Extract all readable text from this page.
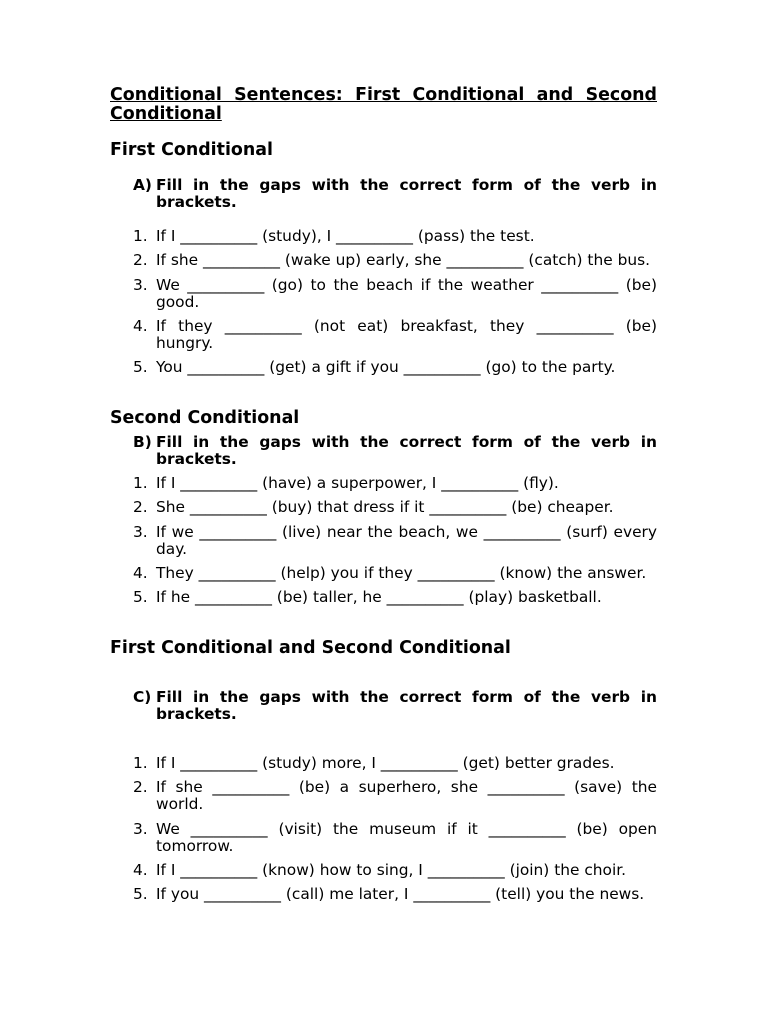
Conditional Sentences: First Conditional and Second Conditional
First Conditional
A) Fill in the gaps with the correct form of the verb in brackets.
1. If I __________ (study), I __________ (pass) the test.
2. If she __________ (wake up) early, she __________ (catch) the bus.
3. We __________ (go) to the beach if the weather __________ (be) good.
4. If they __________ (not eat) breakfast, they __________ (be) hungry.
5. You __________ (get) a gift if you __________ (go) to the party.
Second Conditional
B) Fill in the gaps with the correct form of the verb in brackets.
1. If I __________ (have) a superpower, I __________ (fly).
2. She __________ (buy) that dress if it __________ (be) cheaper.
3. If we __________ (live) near the beach, we __________ (surf) every day.
4. They __________ (help) you if they __________ (know) the answer.
5. If he __________ (be) taller, he __________ (play) basketball.
First Conditional and Second Conditional
C) Fill in the gaps with the correct form of the verb in brackets.
1. If I __________ (study) more, I __________ (get) better grades.
2. If she __________ (be) a superhero, she __________ (save) the world.
3. We __________ (visit) the museum if it __________ (be) open tomorrow.
4. If I __________ (know) how to sing, I __________ (join) the choir.
5. If you __________ (call) me later, I __________ (tell) you the news.
